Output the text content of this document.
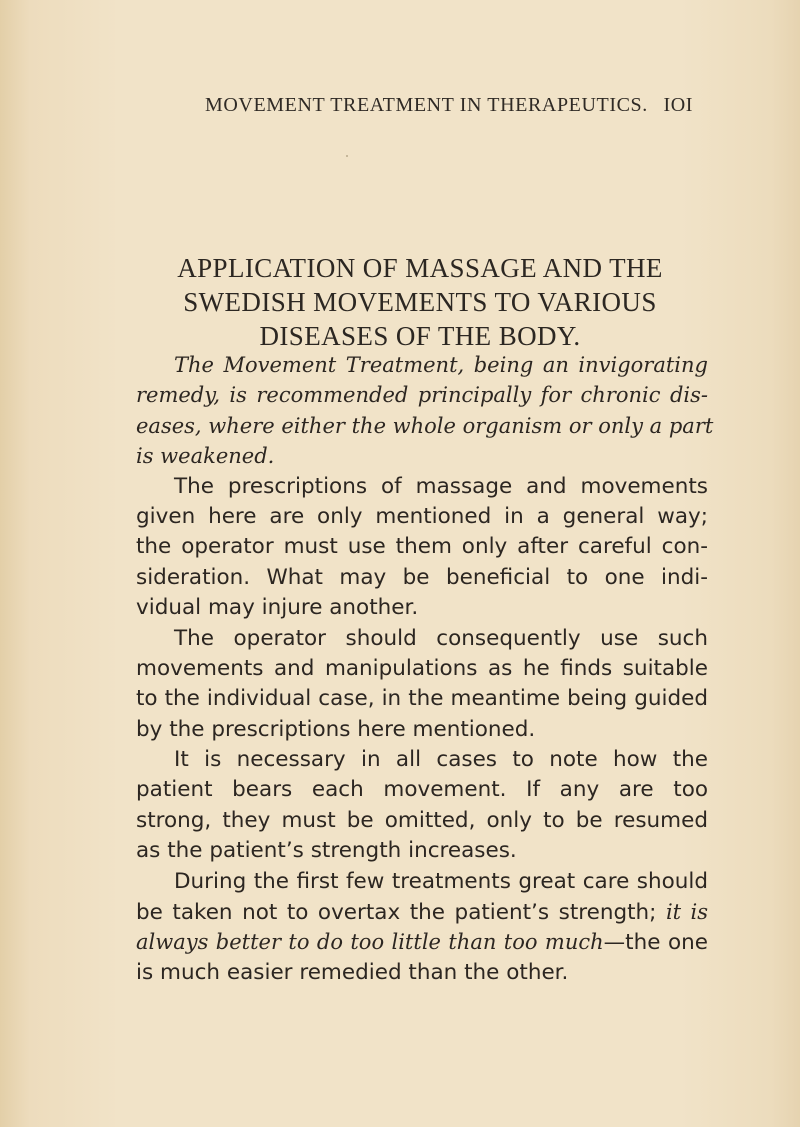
MOVEMENT TREATMENT IN THERAPEUTICS. IOI
APPLICATION OF MASSAGE AND THE
SWEDISH MOVEMENTS TO VARIOUS
DISEASES OF THE BODY.
The Movement Treatment, being an invigorating
remedy, is recommended principally for chronic dis-
eases, where either the whole organism or only a part
is weakened.
The prescriptions of massage and movements
given here are only mentioned in a general way;
the operator must use them only after careful con-
sideration. What may be beneficial to one indi-
vidual may injure another.
The operator should consequently use such
movements and manipulations as he finds suitable
to the individual case, in the meantime being guided
by the prescriptions here mentioned.
It is necessary in all cases to note how the
patient bears each movement. If any are too
strong, they must be omitted, only to be resumed
as the patient’s strength increases.
During the first few treatments great care should
be taken not to overtax the patient’s strength; it is
always better to do too little than too much—the one
is much easier remedied than the other.
